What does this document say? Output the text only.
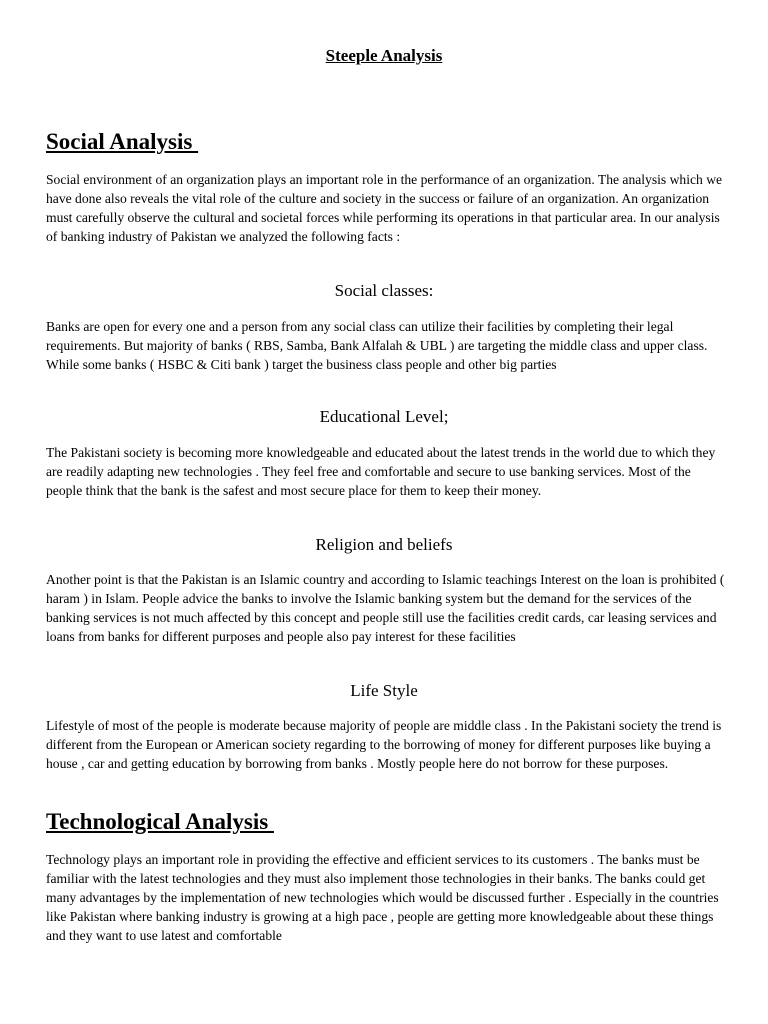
Steeple Analysis
Social Analysis

Social environment of an organization plays an important role in the performance of an organization. The analysis which we have done also reveals the vital role of the culture and society in the success or failure of an organization. An organization must carefully observe the cultural and societal forces while performing its operations in that particular area. In our analysis of banking industry of Pakistan we analyzed the following facts :

Social classes:

Banks are open for every one and a person from any social class can utilize their facilities by completing their legal requirements. But majority of banks ( RBS, Samba, Bank Alfalah & UBL ) are targeting the middle class and upper class. While some banks ( HSBC & Citi bank ) target the business class people and other big parties

Educational Level;

The Pakistani society is becoming more knowledgeable and educated about the latest trends in the world due to which they are readily adapting new technologies . They feel free and comfortable and secure to use banking services. Most of the people think that the bank is the safest and most secure place for them to keep their money.

Religion and beliefs

Another point is that the Pakistan is an Islamic country and according to Islamic teachings Interest on the loan is prohibited ( haram ) in Islam. People advice the banks to involve the Islamic banking system but the demand for the services of the banking services is not much affected by this concept and people still use the facilities credit cards, car leasing services and loans from banks for different purposes and people also pay interest for these facilities

Life Style

Lifestyle of most of the people is moderate because majority of people are middle class . In the Pakistani society the trend is different from the European or American society regarding to the borrowing of money for different purposes like buying a house , car and getting education by borrowing from banks . Mostly people here do not borrow for these purposes.

Technological Analysis

Technology plays an important role in providing the effective and efficient services to its customers . The banks must be familiar with the latest technologies and they must also implement those technologies in their banks. The banks could get many advantages by the implementation of new technologies which would be discussed further . Especially in the countries like Pakistan where banking industry is growing at a high pace , people are getting more knowledgeable about these things and they want to use latest and comfortable
